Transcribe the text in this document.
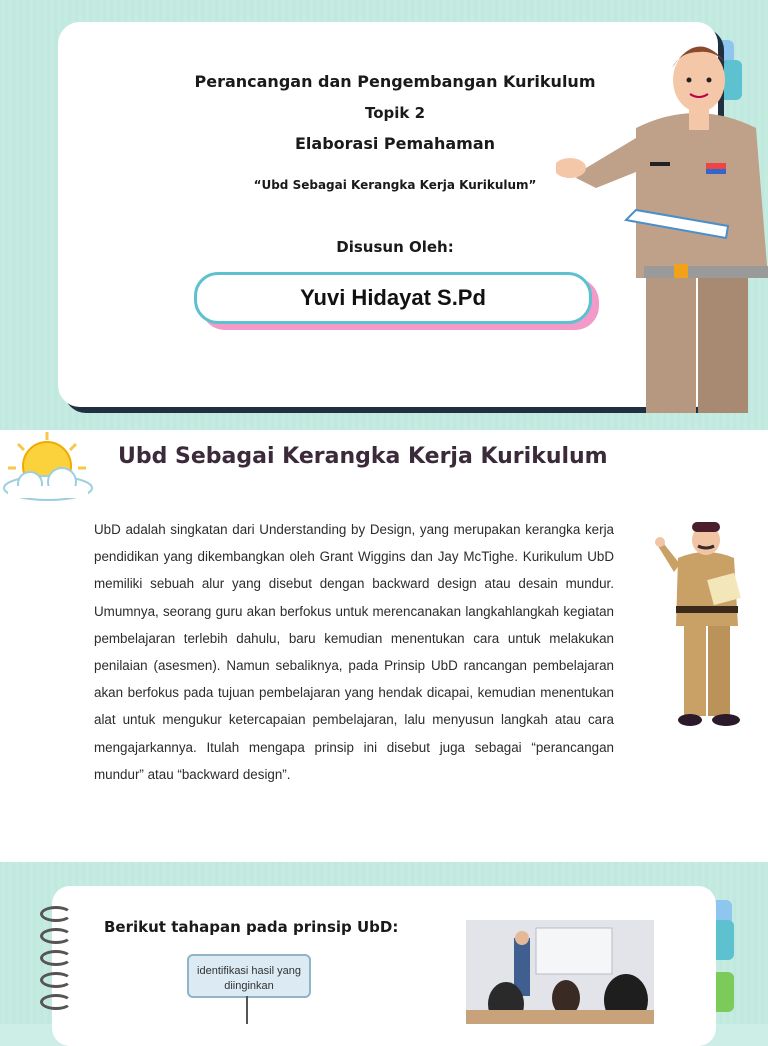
Perancangan dan Pengembangan Kurikulum
Topik 2
Elaborasi Pemahaman
“Ubd Sebagai Kerangka Kerja Kurikulum”
Disusun Oleh:
Yuvi Hidayat S.Pd
Ubd Sebagai Kerangka Kerja Kurikulum
UbD adalah singkatan dari Understanding by Design, yang merupakan kerangka kerja pendidikan yang dikembangkan oleh Grant Wiggins dan Jay McTighe. Kurikulum UbD memiliki sebuah alur yang disebut dengan backward design atau desain mundur. Umumnya, seorang guru akan berfokus untuk merencanakan langkahlangkah kegiatan pembelajaran terlebih dahulu, baru kemudian menentukan cara untuk melakukan penilaian (asesmen). Namun sebaliknya, pada Prinsip UbD rancangan pembelajaran akan berfokus pada tujuan pembelajaran yang hendak dicapai, kemudian menentukan alat untuk mengukur ketercapaian pembelajaran, lalu menyusun langkah atau cara mengajarkannya. Itulah mengapa prinsip ini disebut juga sebagai “perancangan mundur” atau “backward design”.
Berikut tahapan pada prinsip UbD:
identifikasi hasil yang diinginkan
